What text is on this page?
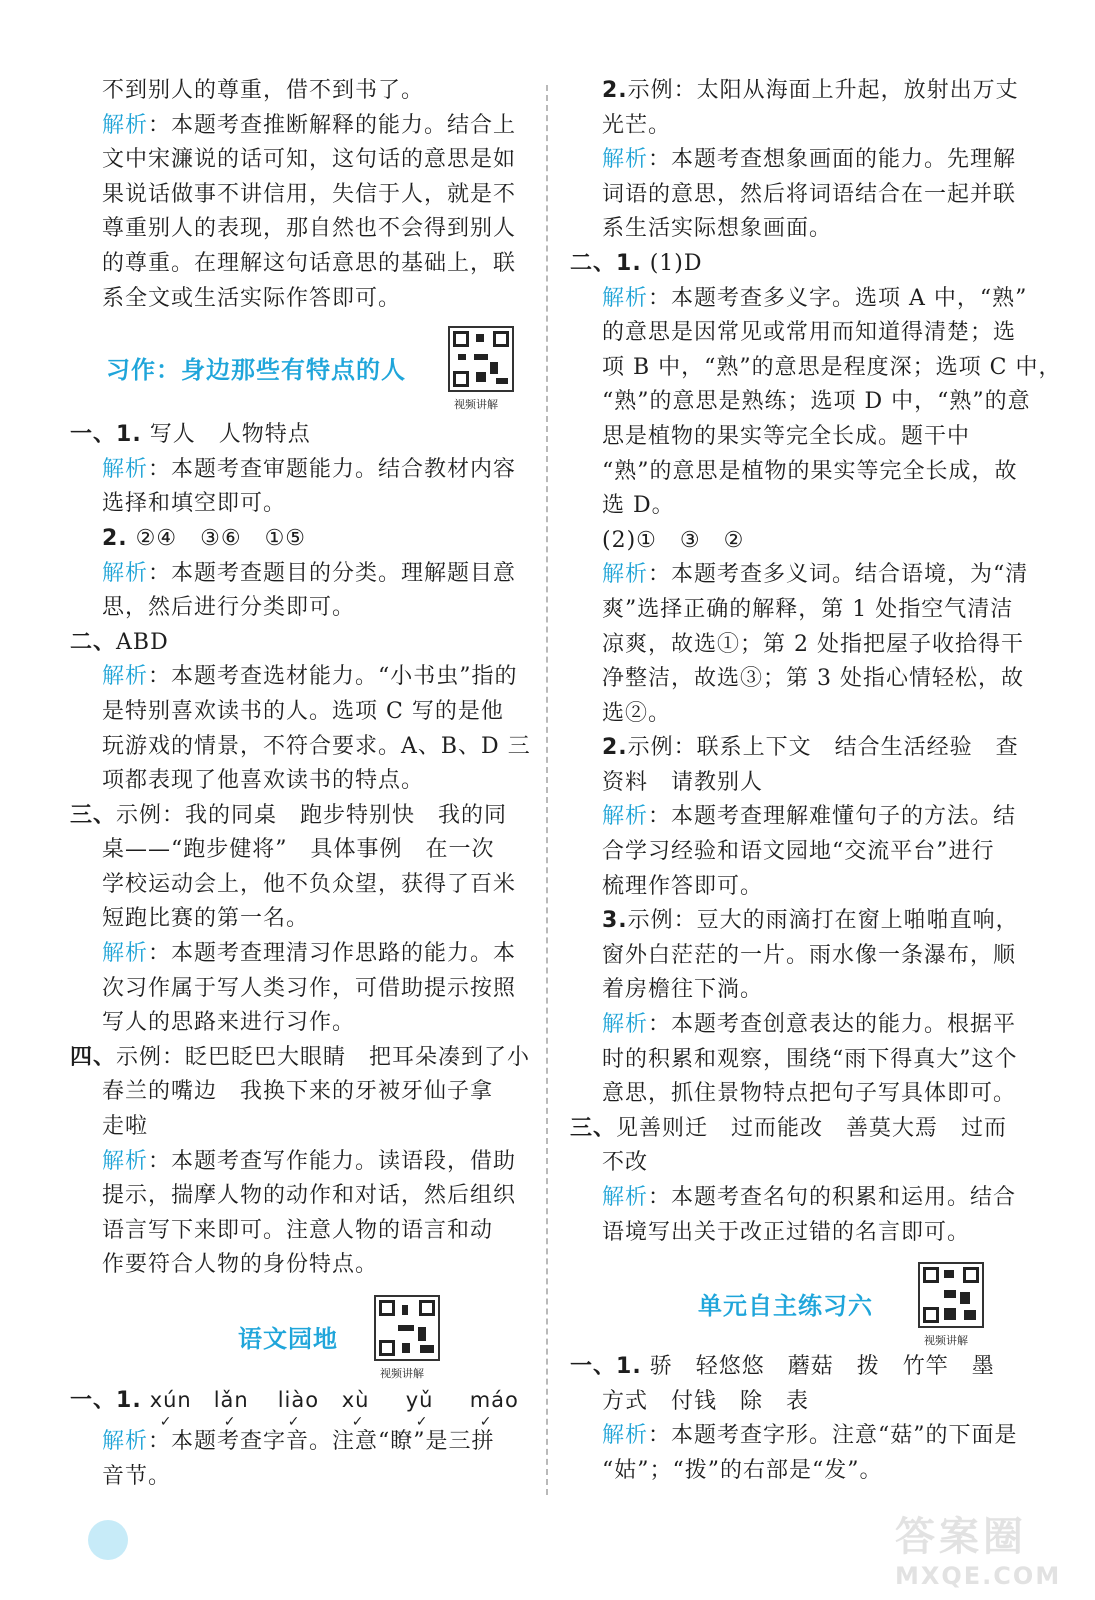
不到别人的尊重，借不到书了。
解析：本题考查推断解释的能力。结合上
文中宋濂说的话可知，这句话的意思是如
果说话做事不讲信用，失信于人，就是不
尊重别人的表现，那自然也不会得到别人
的尊重。在理解这句话意思的基础上，联
系全文或生活实际作答即可。
习作：身边那些有特点的人
视频讲解
一、1. 写人　人物特点
解析：本题考查审题能力。结合教材内容
选择和填空即可。
2. ②④　③⑥　①⑤
解析：本题考查题目的分类。理解题目意
思，然后进行分类即可。
二、ABD
解析：本题考查选材能力。“小书虫”指的
是特别喜欢读书的人。选项 C 写的是他
玩游戏的情景，不符合要求。A、B、D 三
项都表现了他喜欢读书的特点。
三、示例：我的同桌　跑步特别快　我的同
桌——“跑步健将”　具体事例　在一次
学校运动会上，他不负众望，获得了百米
短跑比赛的第一名。
解析：本题考查理清习作思路的能力。本
次习作属于写人类习作，可借助提示按照
写人的思路来进行习作。
四、示例：眨巴眨巴大眼睛　把耳朵凑到了小
春兰的嘴边　我换下来的牙被牙仙子拿
走啦
解析：本题考查写作能力。读语段，借助
提示，揣摩人物的动作和对话，然后组织
语言写下来即可。注意人物的语言和动
作要符合人物的身份特点。
语文园地
视频讲解
一、1. xún
✓
lǎn
✓
liào
✓
xù
✓
yǔ
✓
máo
✓
解析：本题考查字音。注意“瞭”是三拼
音节。
2.示例：太阳从海面上升起，放射出万丈
光芒。
解析：本题考查想象画面的能力。先理解
词语的意思，然后将词语结合在一起并联
系生活实际想象画面。
二、1. (1)D
解析：本题考查多义字。选项 A 中，“熟”
的意思是因常见或常用而知道得清楚；选
项 B 中，“熟”的意思是程度深；选项 C 中，
“熟”的意思是熟练；选项 D 中，“熟”的意
思是植物的果实等完全长成。题干中
“熟”的意思是植物的果实等完全长成，故
选 D。
(2)①　③　②
解析：本题考查多义词。结合语境，为“清
爽”选择正确的解释，第 1 处指空气清洁
凉爽，故选①；第 2 处指把屋子收拾得干
净整洁，故选③；第 3 处指心情轻松，故
选②。
2.示例：联系上下文　结合生活经验　查
资料　请教别人
解析：本题考查理解难懂句子的方法。结
合学习经验和语文园地“交流平台”进行
梳理作答即可。
3.示例：豆大的雨滴打在窗上啪啪直响，
窗外白茫茫的一片。雨水像一条瀑布，顺
着房檐往下淌。
解析：本题考查创意表达的能力。根据平
时的积累和观察，围绕“雨下得真大”这个
意思，抓住景物特点把句子写具体即可。
三、见善则迁　过而能改　善莫大焉　过而
不改
解析：本题考查名句的积累和运用。结合
语境写出关于改正过错的名言即可。
单元自主练习六
视频讲解
一、1. 骄　轻悠悠　蘑菇　拨　竹竿　墨
方式　付钱　除　表
解析：本题考查字形。注意“菇”的下面是
“姑”；“拨”的右部是“发”。
答案圈
MXQE.COM
